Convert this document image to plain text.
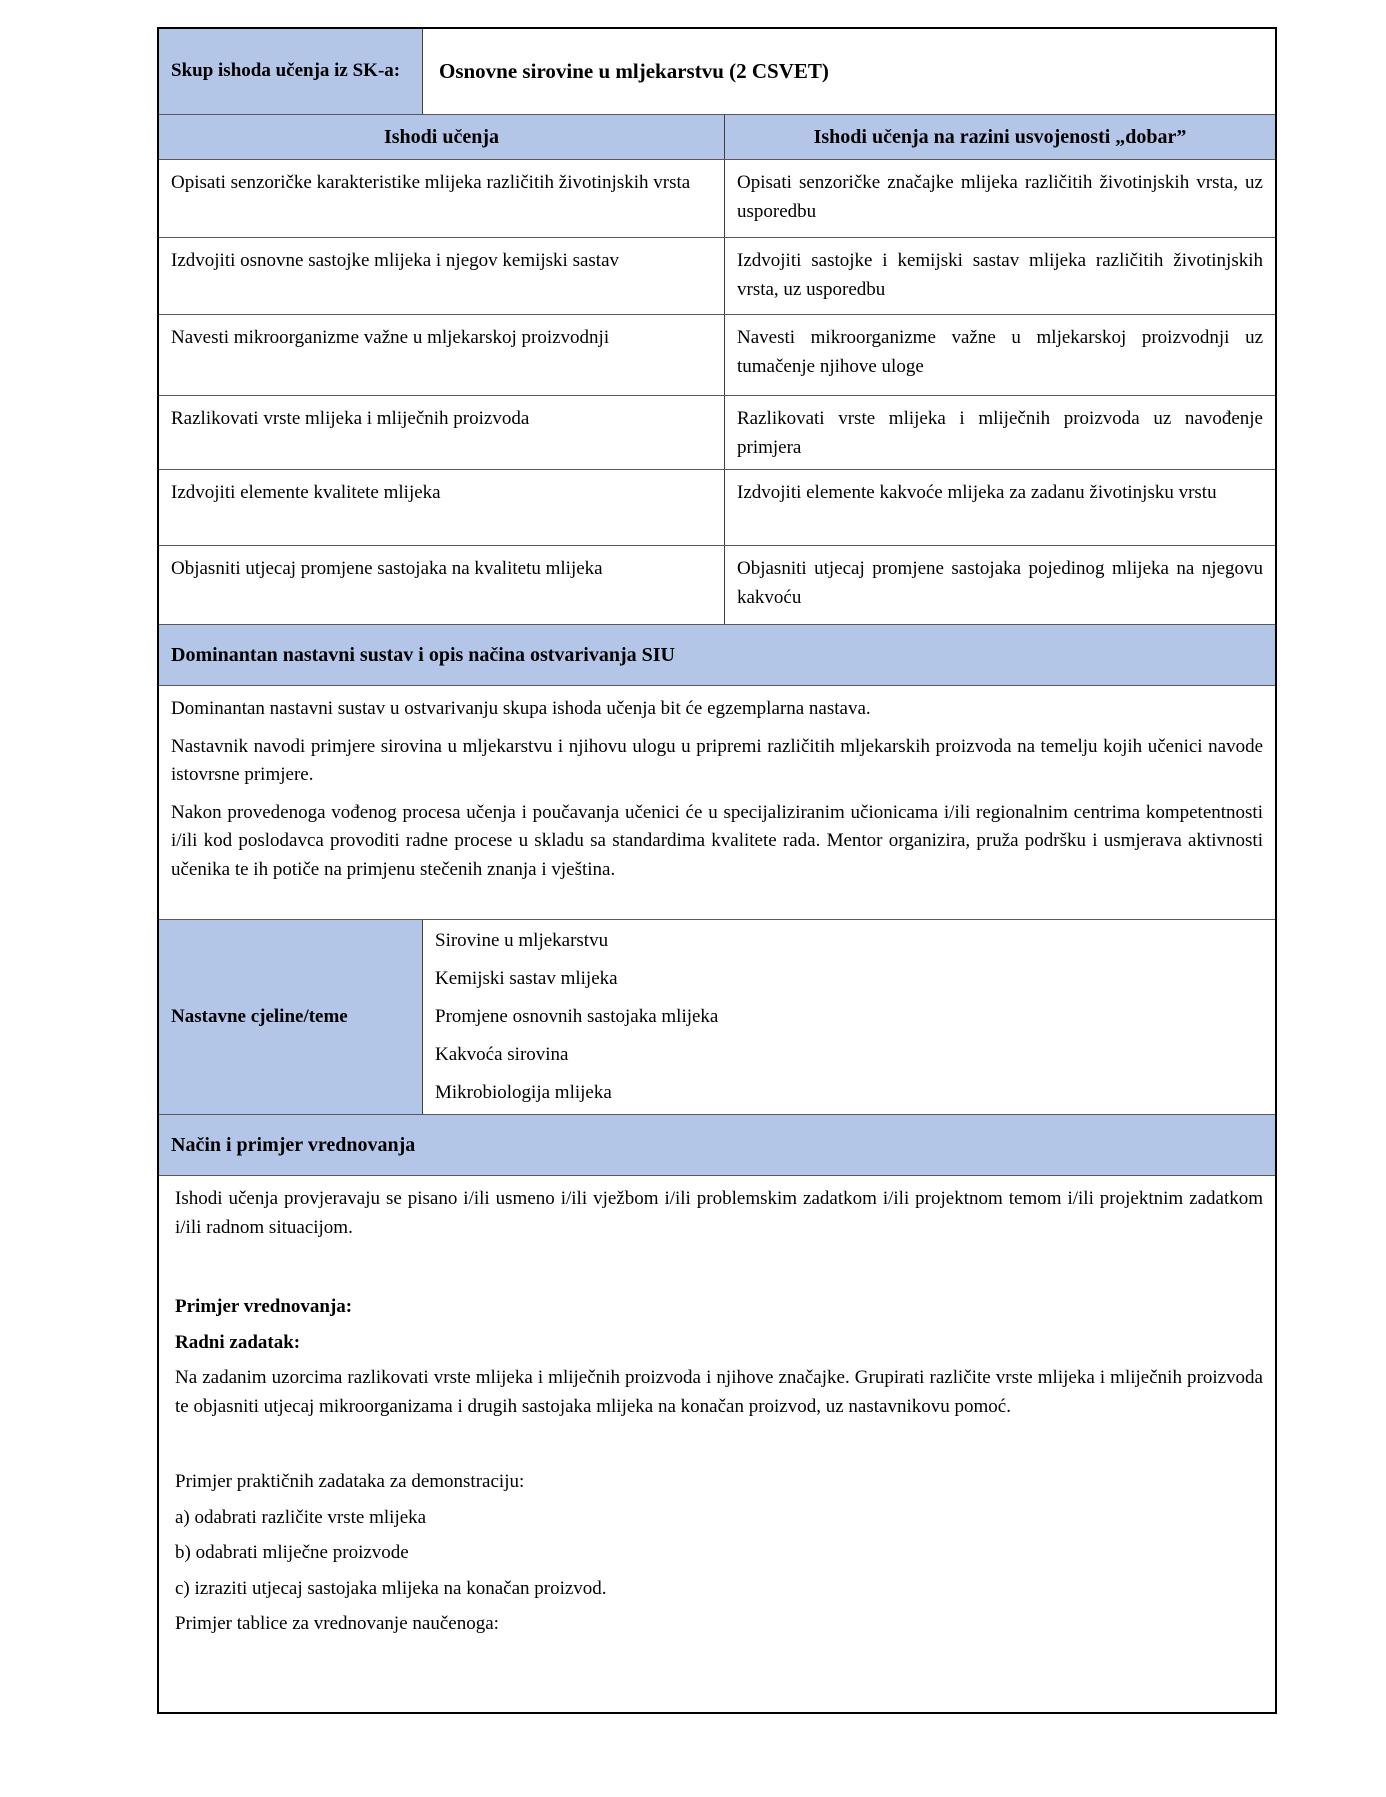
Skup ishoda učenja iz SK-a: Osnovne sirovine u mljekarstvu (2 CSVET)
Ishodi učenja	Ishodi učenja na razini usvojenosti „dobar”
Opisati senzoričke karakteristike mlijeka različitih životinjskih vrsta	Opisati senzoričke značajke mlijeka različitih životinjskih vrsta, uz usporedbu
Izdvojiti osnovne sastojke mlijeka i njegov kemijski sastav	Izdvojiti sastojke i kemijski sastav mlijeka različitih životinjskih vrsta, uz usporedbu
Navesti mikroorganizme važne u mljekarskoj proizvodnji	Navesti mikroorganizme važne u mljekarskoj proizvodnji uz tumačenje njihove uloge
Razlikovati vrste mlijeka i mliječnih proizvoda	Razlikovati vrste mlijeka i mliječnih proizvoda uz navođenje primjera
Izdvojiti elemente kvalitete mlijeka	Izdvojiti elemente kakvoće mlijeka za zadanu životinjsku vrstu
Objasniti utjecaj promjene sastojaka na kvalitetu mlijeka	Objasniti utjecaj promjene sastojaka pojedinog mlijeka na njegovu kakvoću
Dominantan nastavni sustav i opis načina ostvarivanja SIU

Dominantan nastavni sustav u ostvarivanju skupa ishoda učenja bit će egzemplarna nastava.

Nastavnik navodi primjere sirovina u mljekarstvu i njihovu ulogu u pripremi različitih mljekarskih proizvoda na temelju kojih učenici navode istovrsne primjere.

Nakon provedenoga vođenog procesa učenja i poučavanja učenici će u specijaliziranim učionicama i/ili regionalnim centrima kompetentnosti i/ili kod poslodavca provoditi radne procese u skladu sa standardima kvalitete rada. Mentor organizira, pruža podršku i usmjerava aktivnosti učenika te ih potiče na primjenu stečenih znanja i vještina.

Nastavne cjeline/teme
Sirovine u mljekarstvu
Kemijski sastav mlijeka
Promjene osnovnih sastojaka mlijeka
Kakvoća sirovina
Mikrobiologija mlijeka
Način i primjer vrednovanja

Ishodi učenja provjeravaju se pisano i/ili usmeno i/ili vježbom i/ili problemskim zadatkom i/ili projektnom temom i/ili projektnim zadatkom i/ili radnom situacijom.

Primjer vrednovanja:

Radni zadatak:

Na zadanim uzorcima razlikovati vrste mlijeka i mliječnih proizvoda i njihove značajke. Grupirati različite vrste mlijeka i mliječnih proizvoda te objasniti utjecaj mikroorganizama i drugih sastojaka mlijeka na konačan proizvod, uz nastavnikovu pomoć.

Primjer praktičnih zadataka za demonstraciju:

a) odabrati različite vrste mlijeka

b) odabrati mliječne proizvode

c) izraziti utjecaj sastojaka mlijeka na konačan proizvod.

Primjer tablice za vrednovanje naučenoga:
